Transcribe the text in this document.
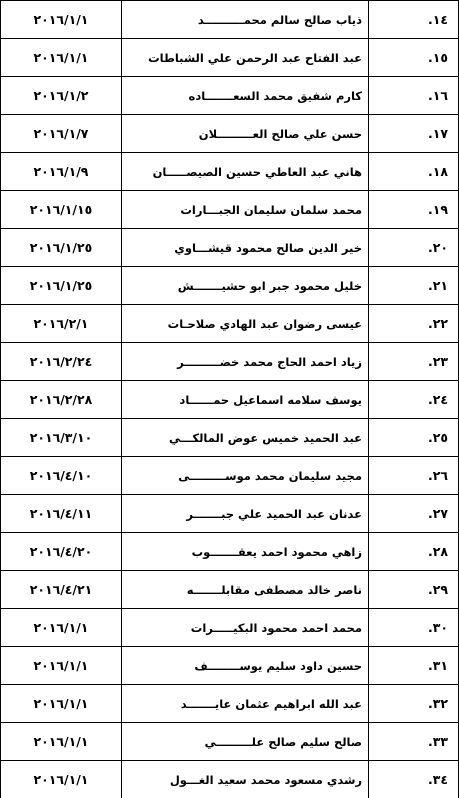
٢٠١٦/١/١	ذياب صالح سالم محمــــــــــد	١٤.
٢٠١٦/١/١	عبد الفتاح عبد الرحمن علي الشباطات	١٥.
٢٠١٦/١/٢	كارم شفيق محمد السعـــــــاده	١٦.
٢٠١٦/١/٧	حسن علي صالح العـــــــــلان	١٧.
٢٠١٦/١/٩	هاني عبد العاطي حسين الصيصـــــان	١٨.
٢٠١٦/١/١٥	محمد سلمان سليمان الجبـــارات	١٩.
٢٠١٦/١/٢٥	خير الدين صالح محمود قيشـــاوي	٢٠.
٢٠١٦/١/٢٥	خليل محمود جبر ابو حشيـــــــش	٢١.
٢٠١٦/٢/١	عيسى رضوان عبد الهادي صلاحـات	٢٢.
٢٠١٦/٢/٢٤	زياد احمد الحاج محمد خضـــــــــر	٢٣.
٢٠١٦/٢/٢٨	يوسف سلامه اسماعيل حمــــــاد	٢٤.
٢٠١٦/٣/١٠	عبد الحميد خميس عوض المالكـــي	٢٥.
٢٠١٦/٤/١٠	مجيد سليمان محمد موســـــــــى	٢٦.
٢٠١٦/٤/١١	عدنان عبد الحميد علي جبـــــــر	٢٧.
٢٠١٦/٤/٢٠	زاهي محمود احمد يعقـــــــوب	٢٨.
٢٠١٦/٤/٢١	ناصر خالد مصطفى مقابلـــــــه	٢٩.
٢٠١٦/١/١	محمد احمد محمود البكيـــــرات	٣٠.
٢٠١٦/١/١	حسين داود سليم يوســــــــف	٣١.
٢٠١٦/١/١	عبد الله ابراهيم عثمان عايـــــــد	٣٢.
٢٠١٦/١/١	صالح سليم صالح علـــــــــي	٣٣.
٢٠١٦/١/١	رشدي مسعود محمد سعيد الغـــول	٣٤.
